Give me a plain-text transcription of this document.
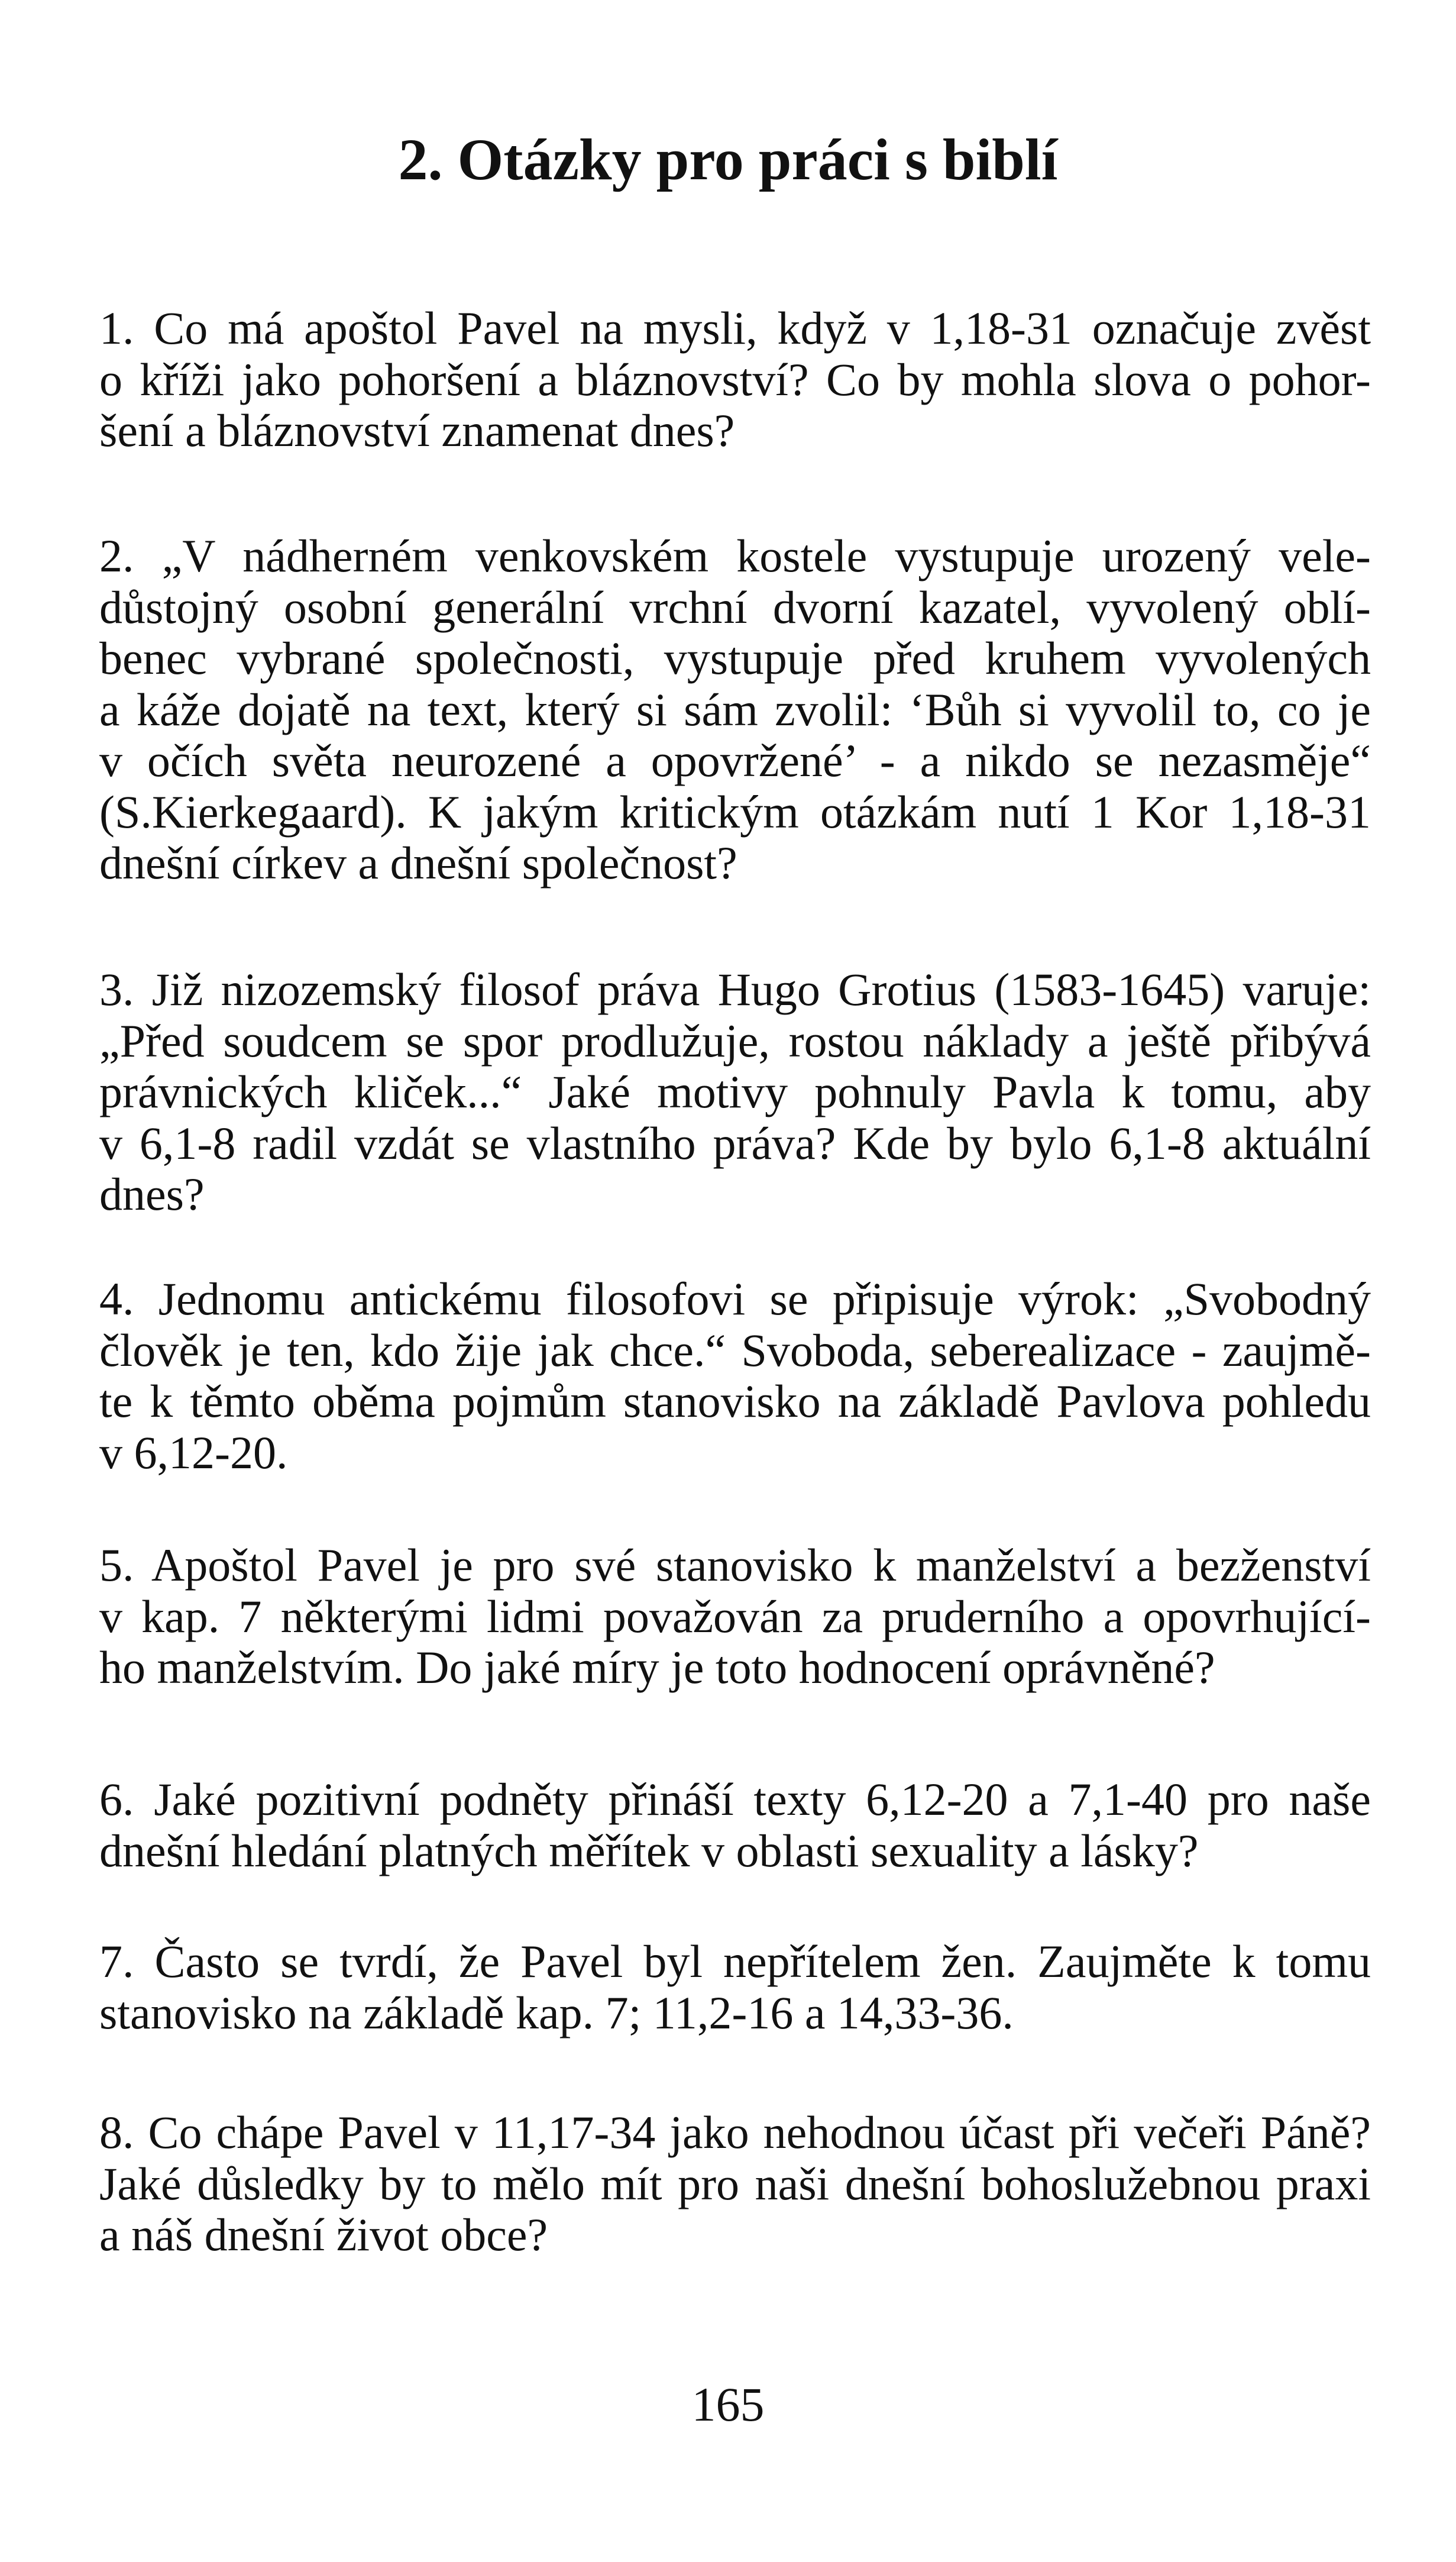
2. Otázky pro práci s biblí

1. Co má apoštol Pavel na mysli, když v 1,18-31 označuje zvěst
o kříži jako pohoršení a bláznovství? Co by mohla slova o pohor-
šení a bláznovství znamenat dnes?

2. „V nádherném venkovském kostele vystupuje urozený vele-
důstojný osobní generální vrchní dvorní kazatel, vyvolený oblí-
benec vybrané společnosti, vystupuje před kruhem vyvolených
a káže dojatě na text, který si sám zvolil: ‘Bůh si vyvolil to, co je
v očích světa neurozené a opovržené’ - a nikdo se nezasměje“
(S.Kierkegaard). K jakým kritickým otázkám nutí 1 Kor 1,18-31
dnešní církev a dnešní společnost?

3. Již nizozemský filosof práva Hugo Grotius (1583-1645) varuje:
„Před soudcem se spor prodlužuje, rostou náklady a ještě přibývá
právnických kliček...“ Jaké motivy pohnuly Pavla k tomu, aby
v 6,1-8 radil vzdát se vlastního práva? Kde by bylo 6,1-8 aktuální
dnes?

4. Jednomu antickému filosofovi se připisuje výrok: „Svobodný
člověk je ten, kdo žije jak chce.“ Svoboda, seberealizace - zaujmě-
te k těmto oběma pojmům stanovisko na základě Pavlova pohledu
v 6,12-20.

5. Apoštol Pavel je pro své stanovisko k manželství a bezženství
v kap. 7 některými lidmi považován za pruderního a opovrhující-
ho manželstvím. Do jaké míry je toto hodnocení oprávněné?

6. Jaké pozitivní podněty přináší texty 6,12-20 a 7,1-40 pro naše
dnešní hledání platných měřítek v oblasti sexuality a lásky?

7. Často se tvrdí, že Pavel byl nepřítelem žen. Zaujměte k tomu
stanovisko na základě kap. 7; 11,2-16 a 14,33-36.

8. Co chápe Pavel v 11,17-34 jako nehodnou účast při večeři Páně?
Jaké důsledky by to mělo mít pro naši dnešní bohoslužebnou praxi
a náš dnešní život obce?

165
